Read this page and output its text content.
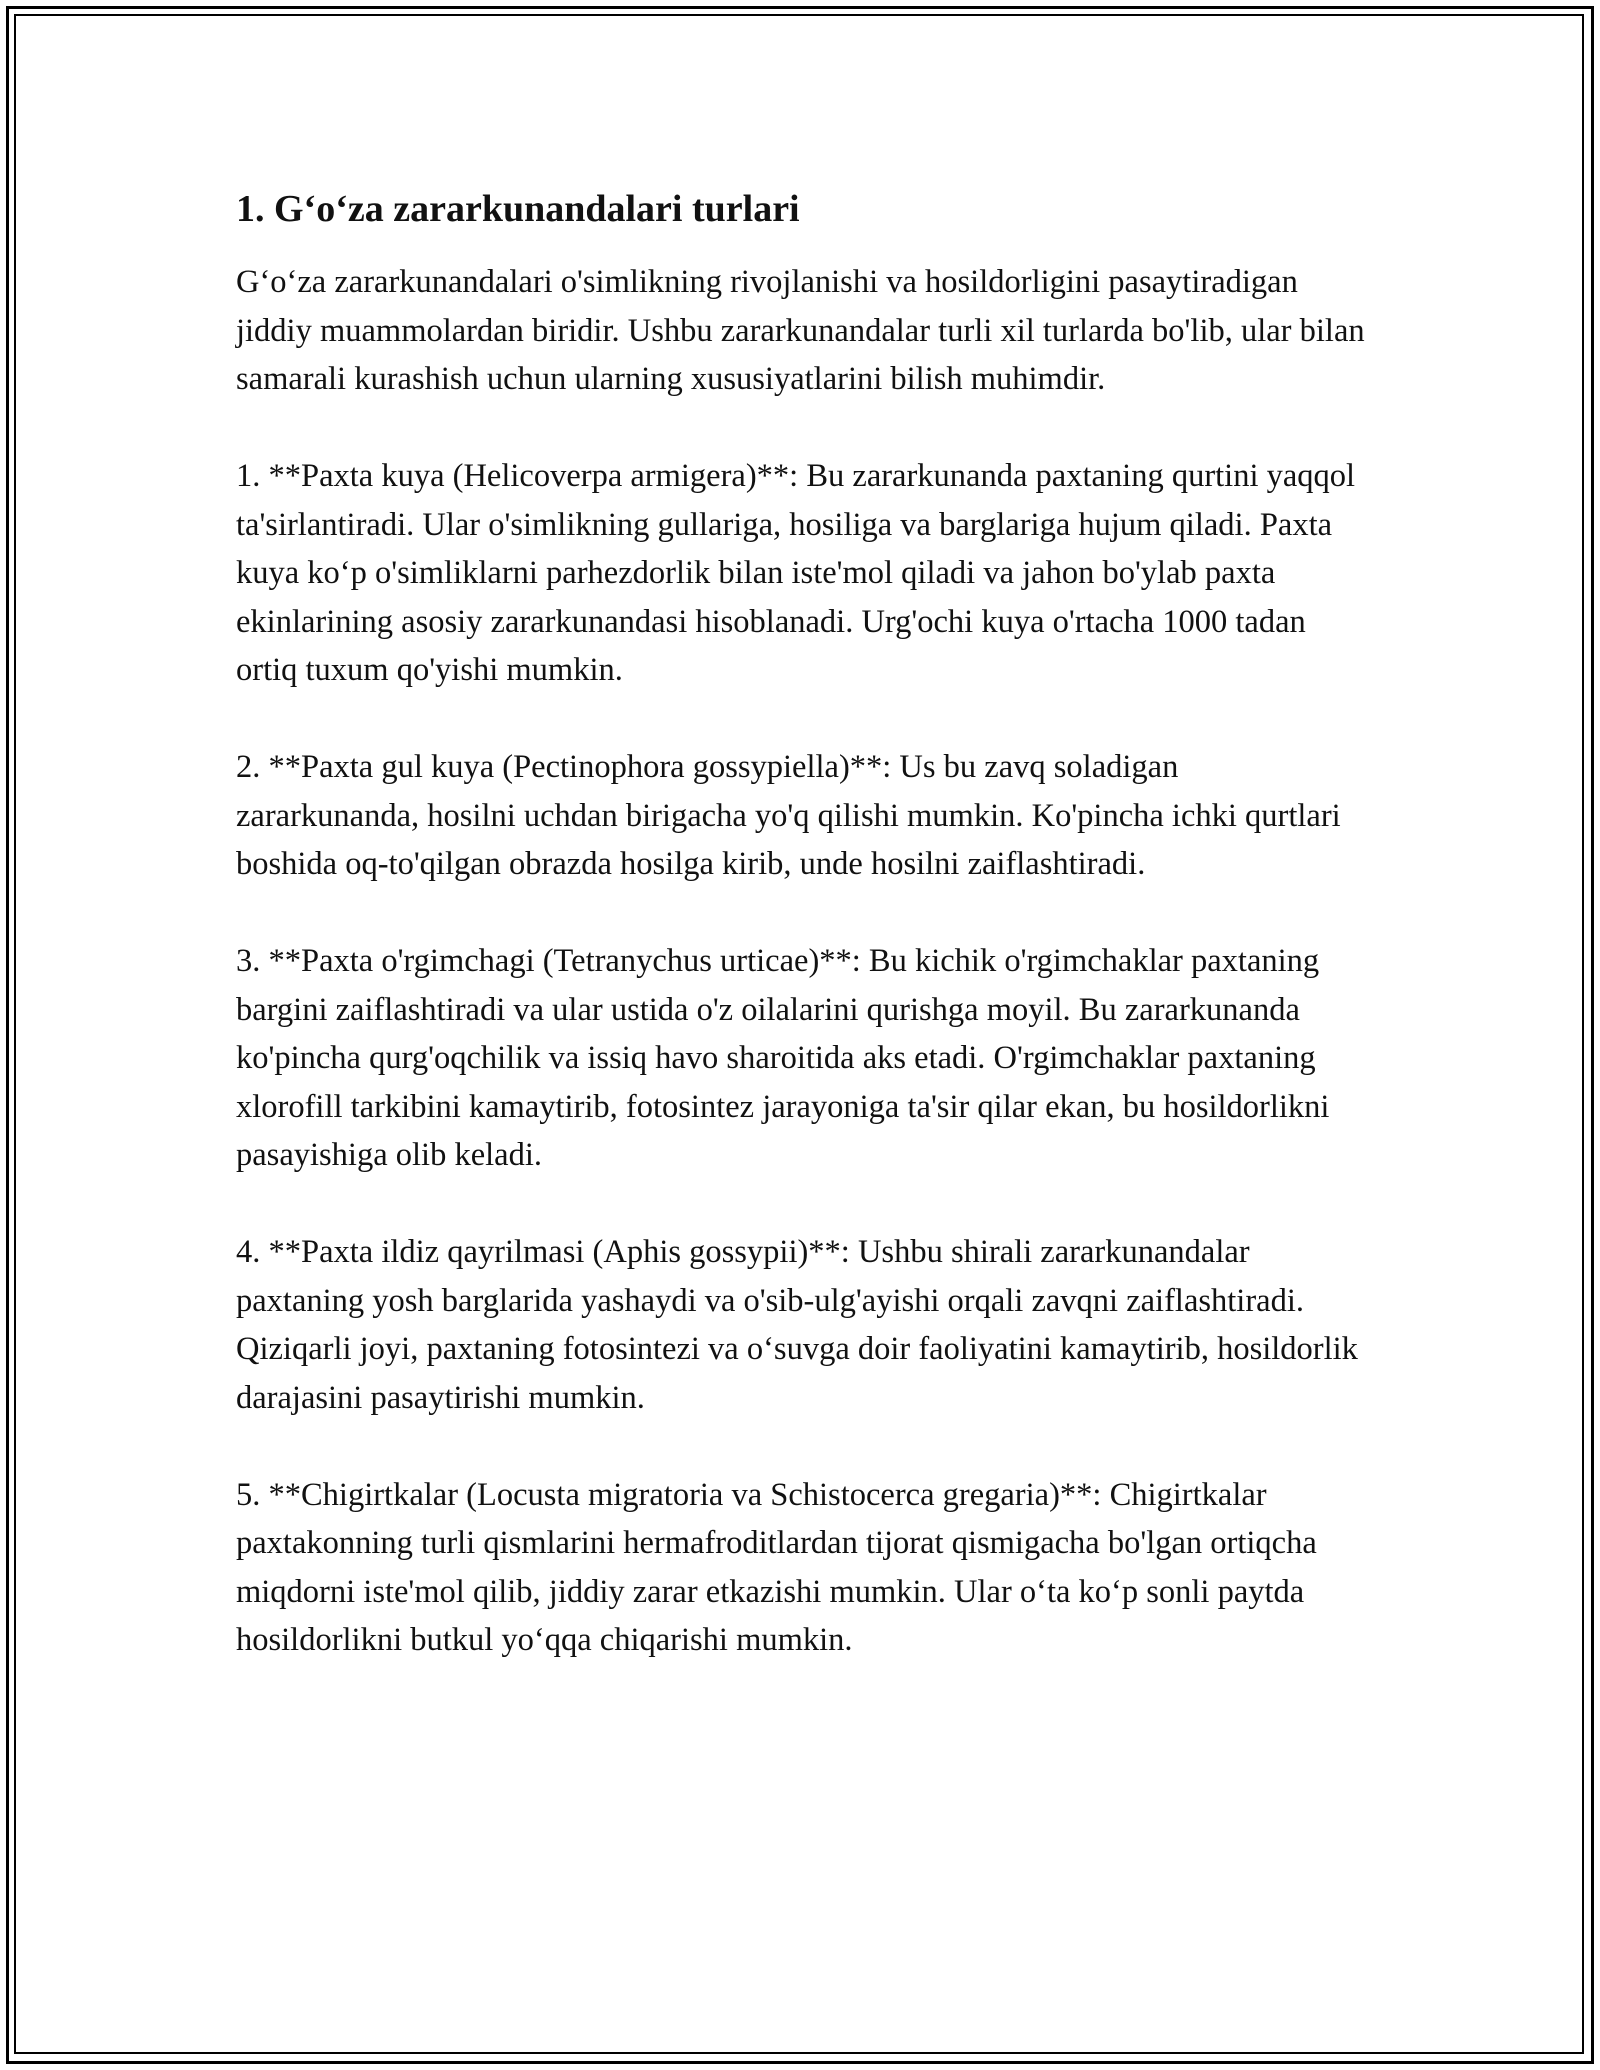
1. G‘o‘za zararkunandalari turlari

G‘o‘za zararkunandalari o'simlikning rivojlanishi va hosildorligini pasaytiradigan jiddiy muammolardan biridir. Ushbu zararkunandalar turli xil turlarda bo'lib, ular bilan samarali kurashish uchun ularning xususiyatlarini bilish muhimdir.

1. **Paxta kuya (Helicoverpa armigera)**: Bu zararkunanda paxtaning qurtini yaqqol ta'sirlantiradi. Ular o'simlikning gullariga, hosiliga va barglariga hujum qiladi. Paxta kuya ko‘p o'simliklarni parhezdorlik bilan iste'mol qiladi va jahon bo'ylab paxta ekinlarining asosiy zararkunandasi hisoblanadi. Urg'ochi kuya o'rtacha 1000 tadan ortiq tuxum qo'yishi mumkin.

2. **Paxta gul kuya (Pectinophora gossypiella)**: Us bu zavq soladigan zararkunanda, hosilni uchdan birigacha yo'q qilishi mumkin. Ko'pincha ichki qurtlari boshida oq-to'qilgan obrazda hosilga kirib, unde hosilni zaiflashtiradi.

3. **Paxta o'rgimchagi (Tetranychus urticae)**: Bu kichik o'rgimchaklar paxtaning bargini zaiflashtiradi va ular ustida o'z oilalarini qurishga moyil. Bu zararkunanda ko'pincha qurg'oqchilik va issiq havo sharoitida aks etadi. O'rgimchaklar paxtaning xlorofill tarkibini kamaytirib, fotosintez jarayoniga ta'sir qilar ekan, bu hosildorlikni pasayishiga olib keladi.

4. **Paxta ildiz qayrilmasi (Aphis gossypii)**: Ushbu shirali zararkunandalar paxtaning yosh barglarida yashaydi va o'sib-ulg'ayishi orqali zavqni zaiflashtiradi. Qiziqarli joyi, paxtaning fotosintezi va o‘suvga doir faoliyatini kamaytirib, hosildorlik darajasini pasaytirishi mumkin.

5. **Chigirtkalar (Locusta migratoria va Schistocerca gregaria)**: Chigirtkalar paxtakonning turli qismlarini hermafroditlardan tijorat qismigacha bo'lgan ortiqcha miqdorni iste'mol qilib, jiddiy zarar etkazishi mumkin. Ular o‘ta ko‘p sonli paytda hosildorlikni butkul yo‘qqa chiqarishi mumkin.
